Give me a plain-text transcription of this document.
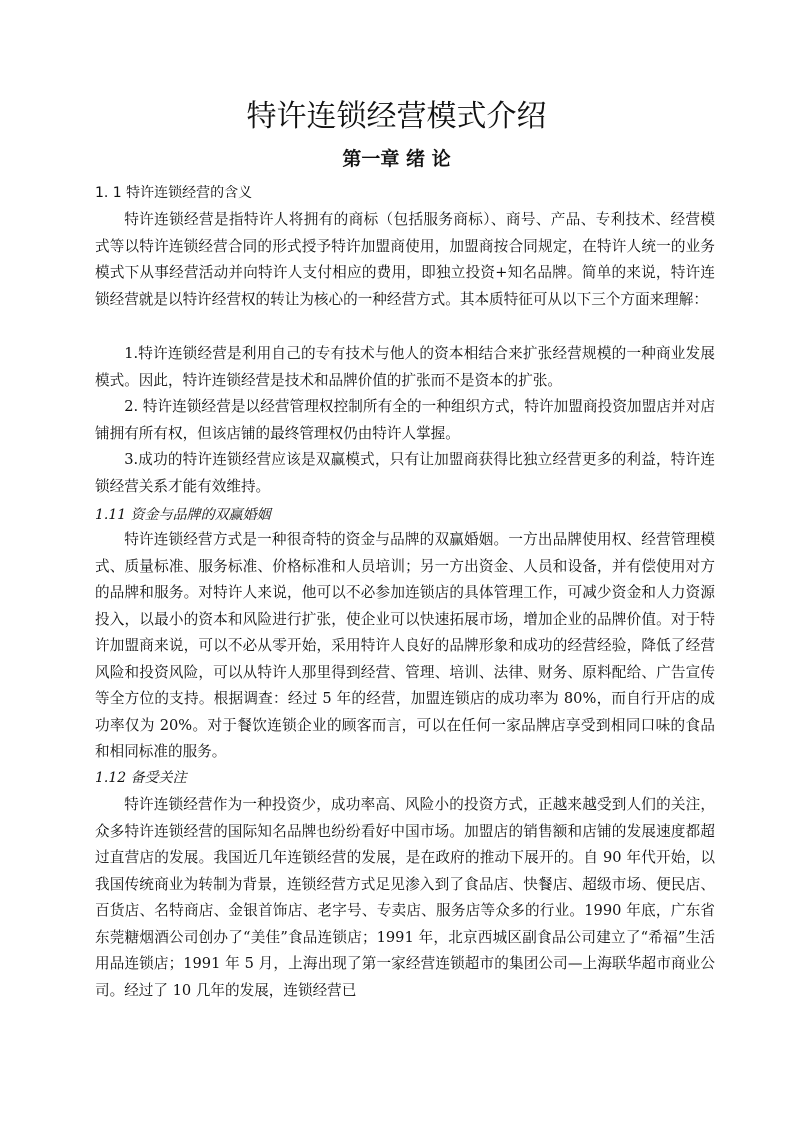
特许连锁经营模式介绍
第一章 绪 论
1. 1 特许连锁经营的含义

特许连锁经营是指特许人将拥有的商标（包括服务商标）、商号、产品、专利技术、经营模式等以特许连锁经营合同的形式授予特许加盟商使用，加盟商按合同规定，在特许人统一的业务模式下从事经营活动并向特许人支付相应的费用，即独立投资+知名品牌。简单的来说，特许连锁经营就是以特许经营权的转让为核心的一种经营方式。其本质特征可从以下三个方面来理解：

1.特许连锁经营是利用自己的专有技术与他人的资本相结合来扩张经营规模的一种商业发展模式。因此，特许连锁经营是技术和品牌价值的扩张而不是资本的扩张。

2. 特许连锁经营是以经营管理权控制所有全的一种组织方式，特许加盟商投资加盟店并对店铺拥有所有权，但该店铺的最终管理权仍由特许人掌握。

3.成功的特许连锁经营应该是双赢模式，只有让加盟商获得比独立经营更多的利益，特许连锁经营关系才能有效维持。

1.11 资金与品牌的双赢婚姻

特许连锁经营方式是一种很奇特的资金与品牌的双赢婚姻。一方出品牌使用权、经营管理模式、质量标准、服务标准、价格标准和人员培训；另一方出资金、人员和设备，并有偿使用对方的品牌和服务。对特许人来说，他可以不必参加连锁店的具体管理工作，可减少资金和人力资源投入，以最小的资本和风险进行扩张，使企业可以快速拓展市场，增加企业的品牌价值。对于特许加盟商来说，可以不必从零开始，采用特许人良好的品牌形象和成功的经营经验，降低了经营风险和投资风险，可以从特许人那里得到经营、管理、培训、法律、财务、原料配给、广告宣传等全方位的支持。根据调查：经过 5 年的经营，加盟连锁店的成功率为 80%，而自行开店的成功率仅为 20%。对于餐饮连锁企业的顾客而言，可以在任何一家品牌店享受到相同口味的食品和相同标准的服务。

1.12 备受关注

特许连锁经营作为一种投资少，成功率高、风险小的投资方式，正越来越受到人们的关注，众多特许连锁经营的国际知名品牌也纷纷看好中国市场。加盟店的销售额和店铺的发展速度都超过直营店的发展。我国近几年连锁经营的发展，是在政府的推动下展开的。自 90 年代开始，以我国传统商业为转制为背景，连锁经营方式足见渗入到了食品店、快餐店、超级市场、便民店、百货店、名特商店、金银首饰店、老字号、专卖店、服务店等众多的行业。1990 年底，广东省东莞糖烟酒公司创办了“美佳”食品连锁店；1991 年，北京西城区副食品公司建立了“希福”生活用品连锁店；1991 年 5 月，上海出现了第一家经营连锁超市的集团公司—上海联华超市商业公司。经过了 10 几年的发展，连锁经营已
